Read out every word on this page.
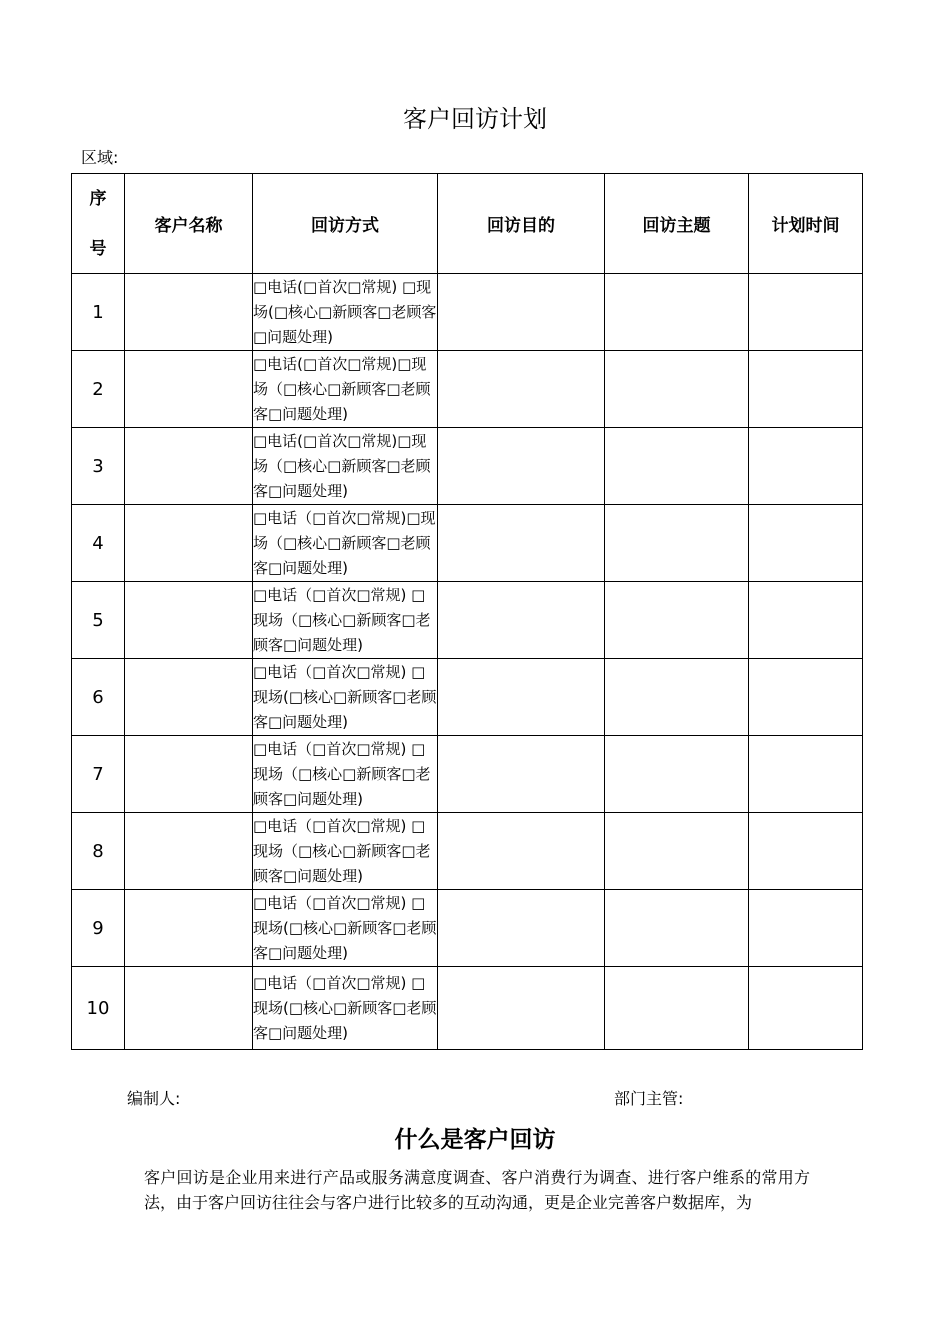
客户回访计划
区域:
序
号	客户名称	回访方式	回访目的	回访主题	计划时间
1		□电话(□首次□常规) □现场(□核心□新顾客□老顾客□问题处理)			
2		□电话(□首次□常规)□现场（□核心□新顾客□老顾客□问题处理)			
3		□电话(□首次□常规)□现场（□核心□新顾客□老顾客□问题处理)			
4		□电话（□首次□常规)□现场（□核心□新顾客□老顾客□问题处理)			
5		□电话（□首次□常规) □现场（□核心□新顾客□老顾客□问题处理)			
6		□电话（□首次□常规) □现场(□核心□新顾客□老顾客□问题处理)			
7		□电话（□首次□常规) □现场（□核心□新顾客□老顾客□问题处理)			
8		□电话（□首次□常规) □现场（□核心□新顾客□老顾客□问题处理)			
9		□电话（□首次□常规) □现场(□核心□新顾客□老顾客□问题处理)			
10		□电话（□首次□常规) □现场(□核心□新顾客□老顾客□问题处理)			
编制人:	部门主管:
什么是客户回访
客户回访是企业用来进行产品或服务满意度调查、客户消费行为调查、进行客户维系的常用方法，由于客户回访往往会与客户进行比较多的互动沟通，更是企业完善客户数据库，为
